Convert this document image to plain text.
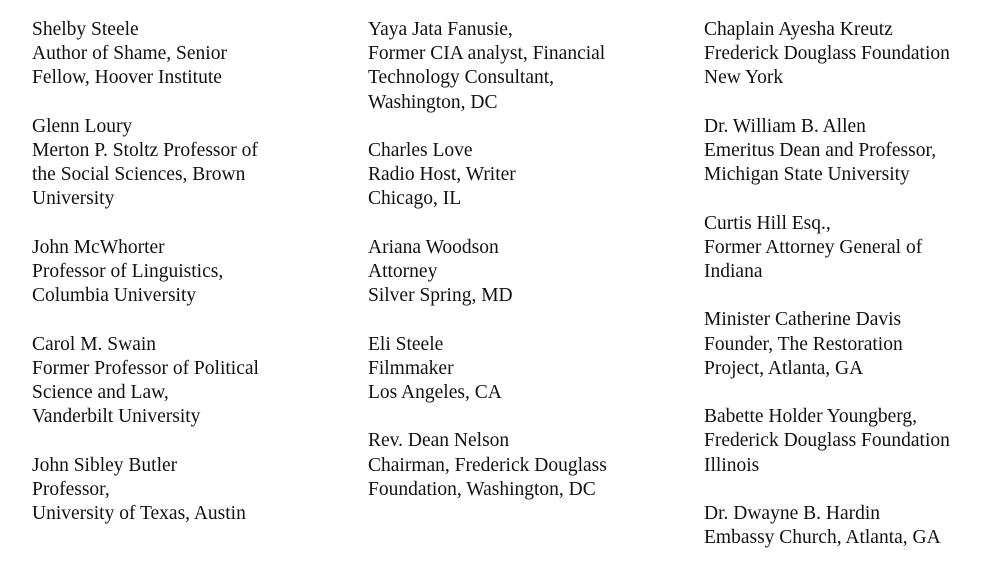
Shelby Steele
Author of Shame, Senior
Fellow, Hoover Institute
Glenn Loury
Merton P. Stoltz Professor of
the Social Sciences, Brown
University
John McWhorter
Professor of Linguistics,
Columbia University
Carol M. Swain
Former Professor of Political
Science and Law,
Vanderbilt University
John Sibley Butler
Professor,
University of Texas, Austin
Yaya Jata Fanusie,
Former CIA analyst, Financial
Technology Consultant,
Washington, DC
Charles Love
Radio Host, Writer
Chicago, IL
Ariana Woodson
Attorney
Silver Spring, MD
Eli Steele
Filmmaker
Los Angeles, CA
Rev. Dean Nelson
Chairman, Frederick Douglass
Foundation, Washington, DC
Chaplain Ayesha Kreutz
Frederick Douglass Foundation
New York
Dr. William B. Allen
Emeritus Dean and Professor,
Michigan State University
Curtis Hill Esq.,
Former Attorney General of
Indiana
Minister Catherine Davis
Founder, The Restoration
Project, Atlanta, GA
Babette Holder Youngberg,
Frederick Douglass Foundation
Illinois
Dr. Dwayne B. Hardin
Embassy Church, Atlanta, GA
